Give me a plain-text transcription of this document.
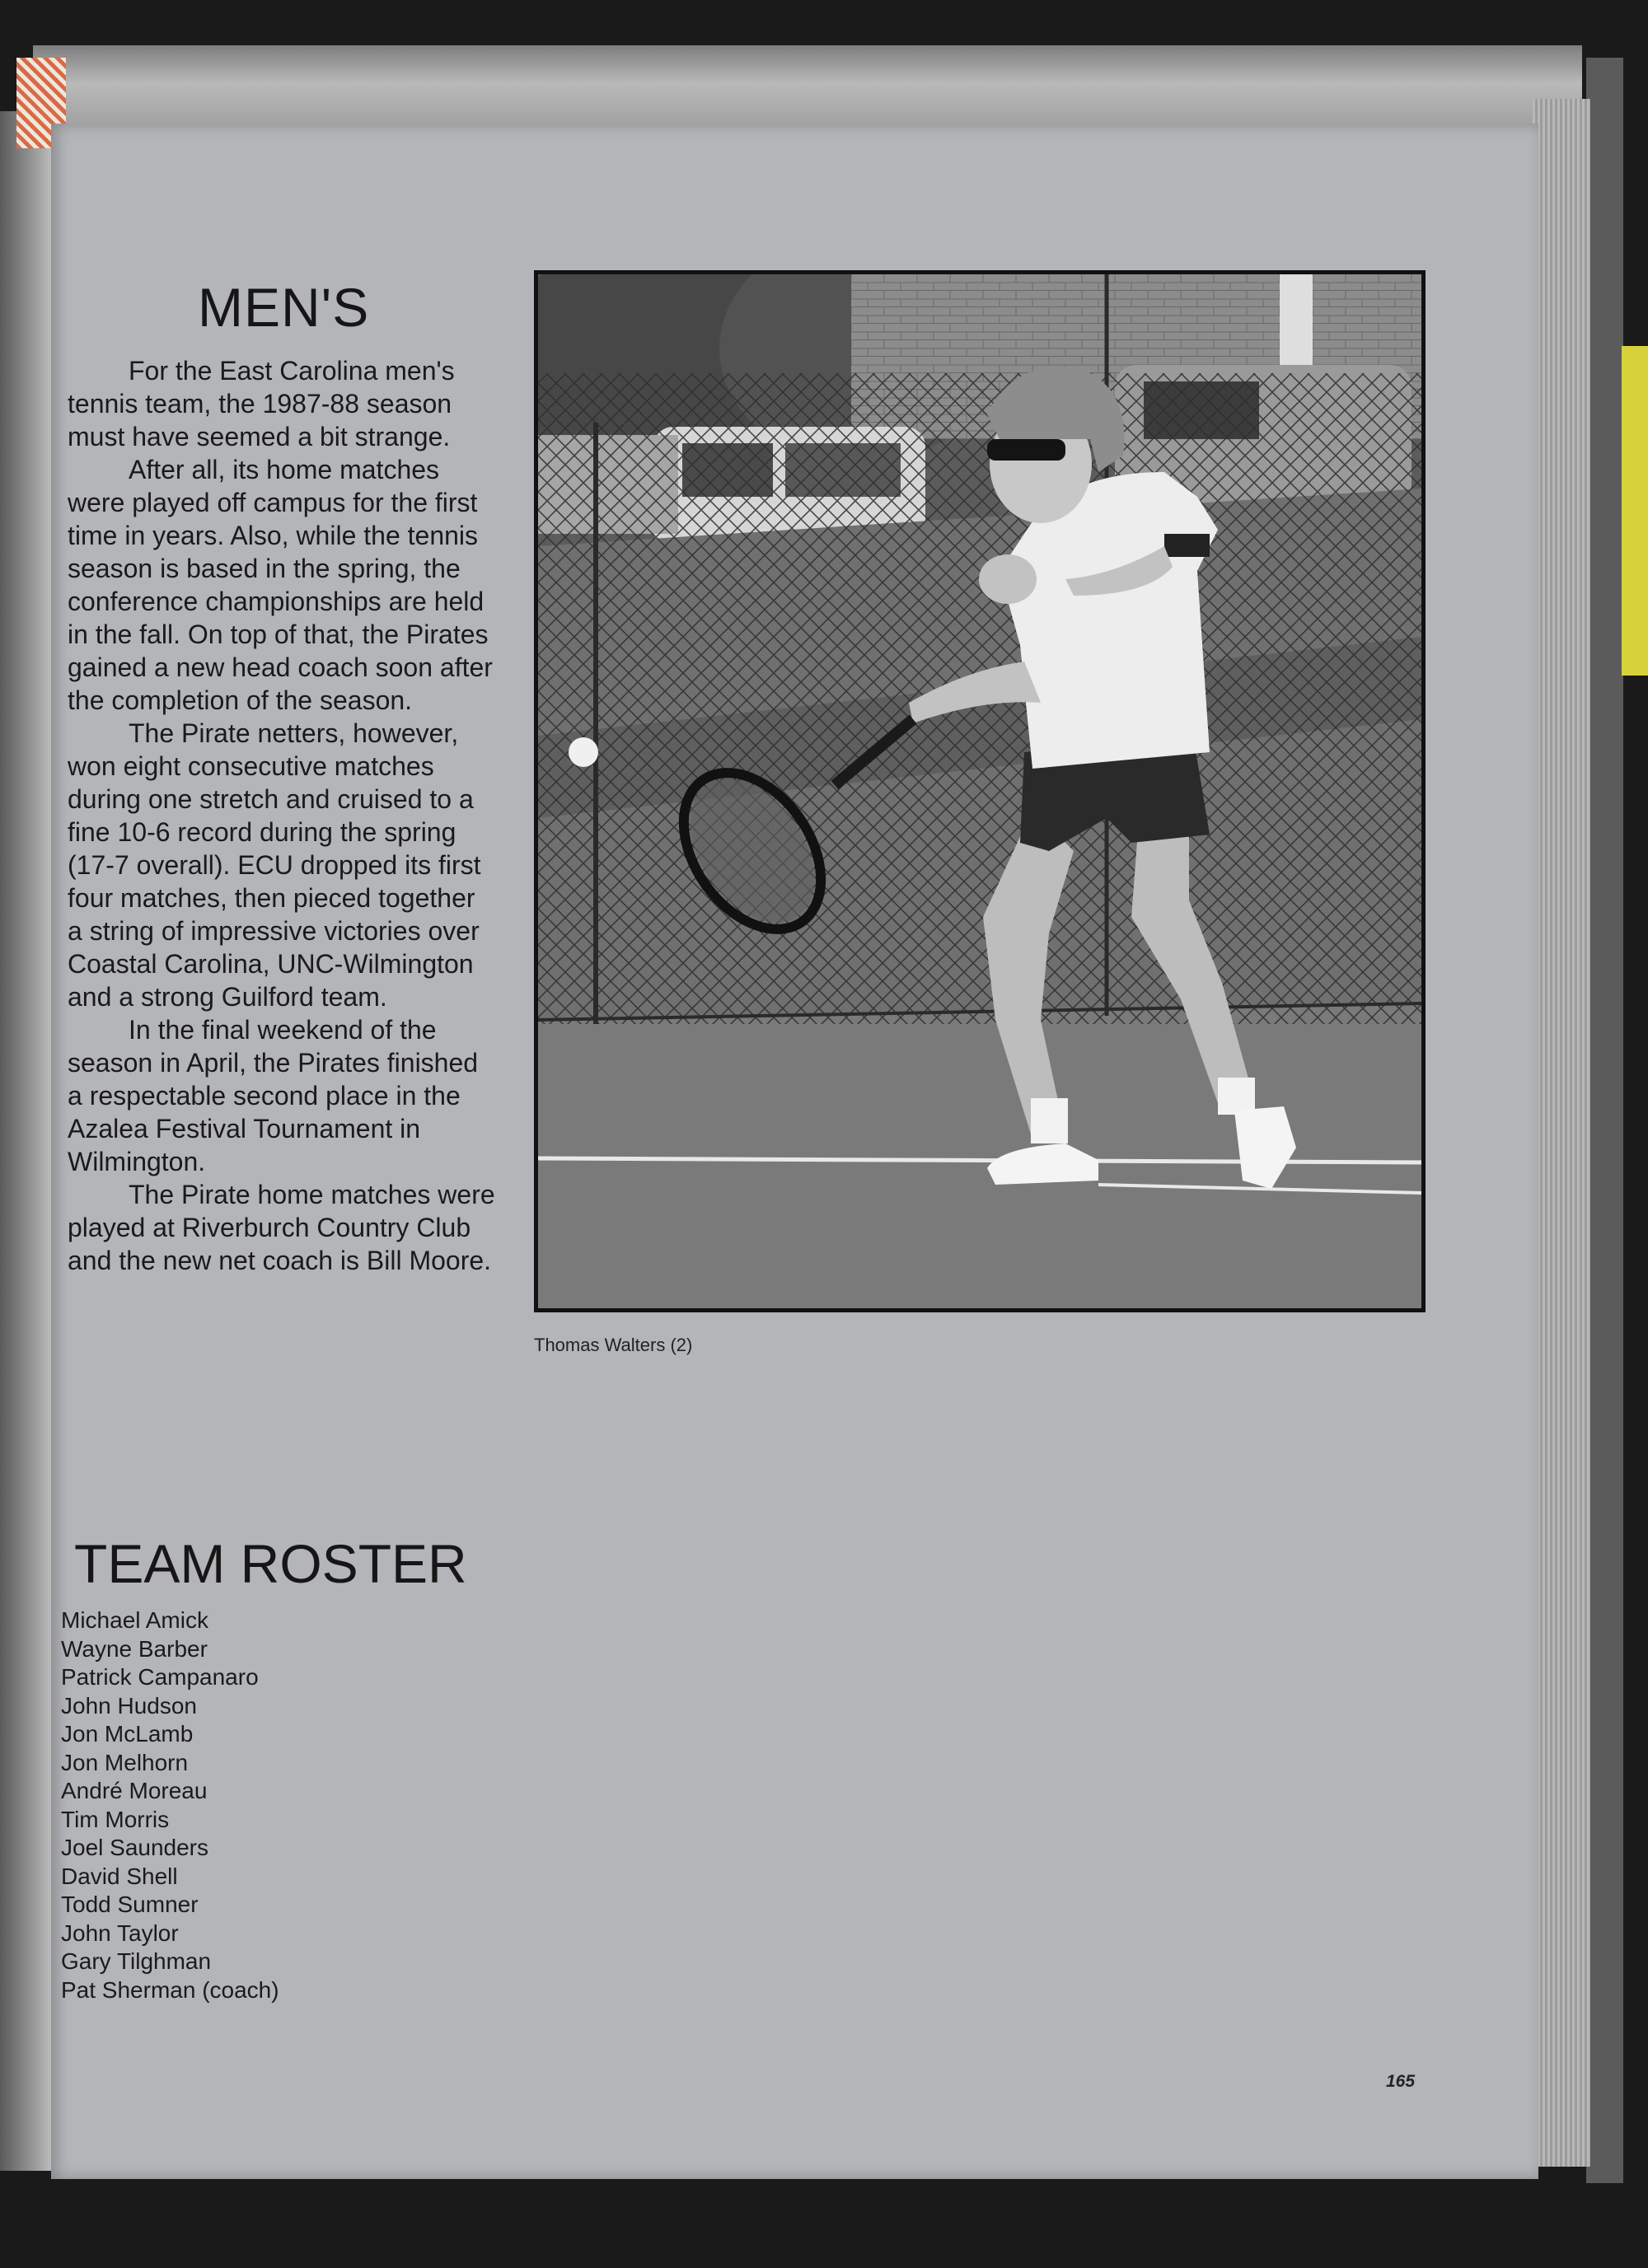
MEN'S

For the East Carolina men's tennis team, the 1987-88 season must have seemed a bit strange.

After all, its home matches were played off campus for the first time in years. Also, while the tennis season is based in the spring, the conference championships are held in the fall. On top of that, the Pirates gained a new head coach soon after the completion of the season.

The Pirate netters, however, won eight consecutive matches during one stretch and cruised to a fine 10-6 record during the spring (17-7 overall). ECU dropped its first four matches, then pieced together a string of impressive victories over Coastal Carolina, UNC-Wilmington and a strong Guilford team.

In the final weekend of the season in April, the Pirates finished a respectable second place in the Azalea Festival Tournament in Wilmington.

The Pirate home matches were played at Riverburch Country Club and the new net coach is Bill Moore.

TEAM ROSTER
Michael Amick
Wayne Barber
Patrick Campanaro
John Hudson
Jon McLamb
Jon Melhorn
André Moreau
Tim Morris
Joel Saunders
David Shell
Todd Sumner
John Taylor
Gary Tilghman
Pat Sherman (coach)
Thomas Walters (2)
165
